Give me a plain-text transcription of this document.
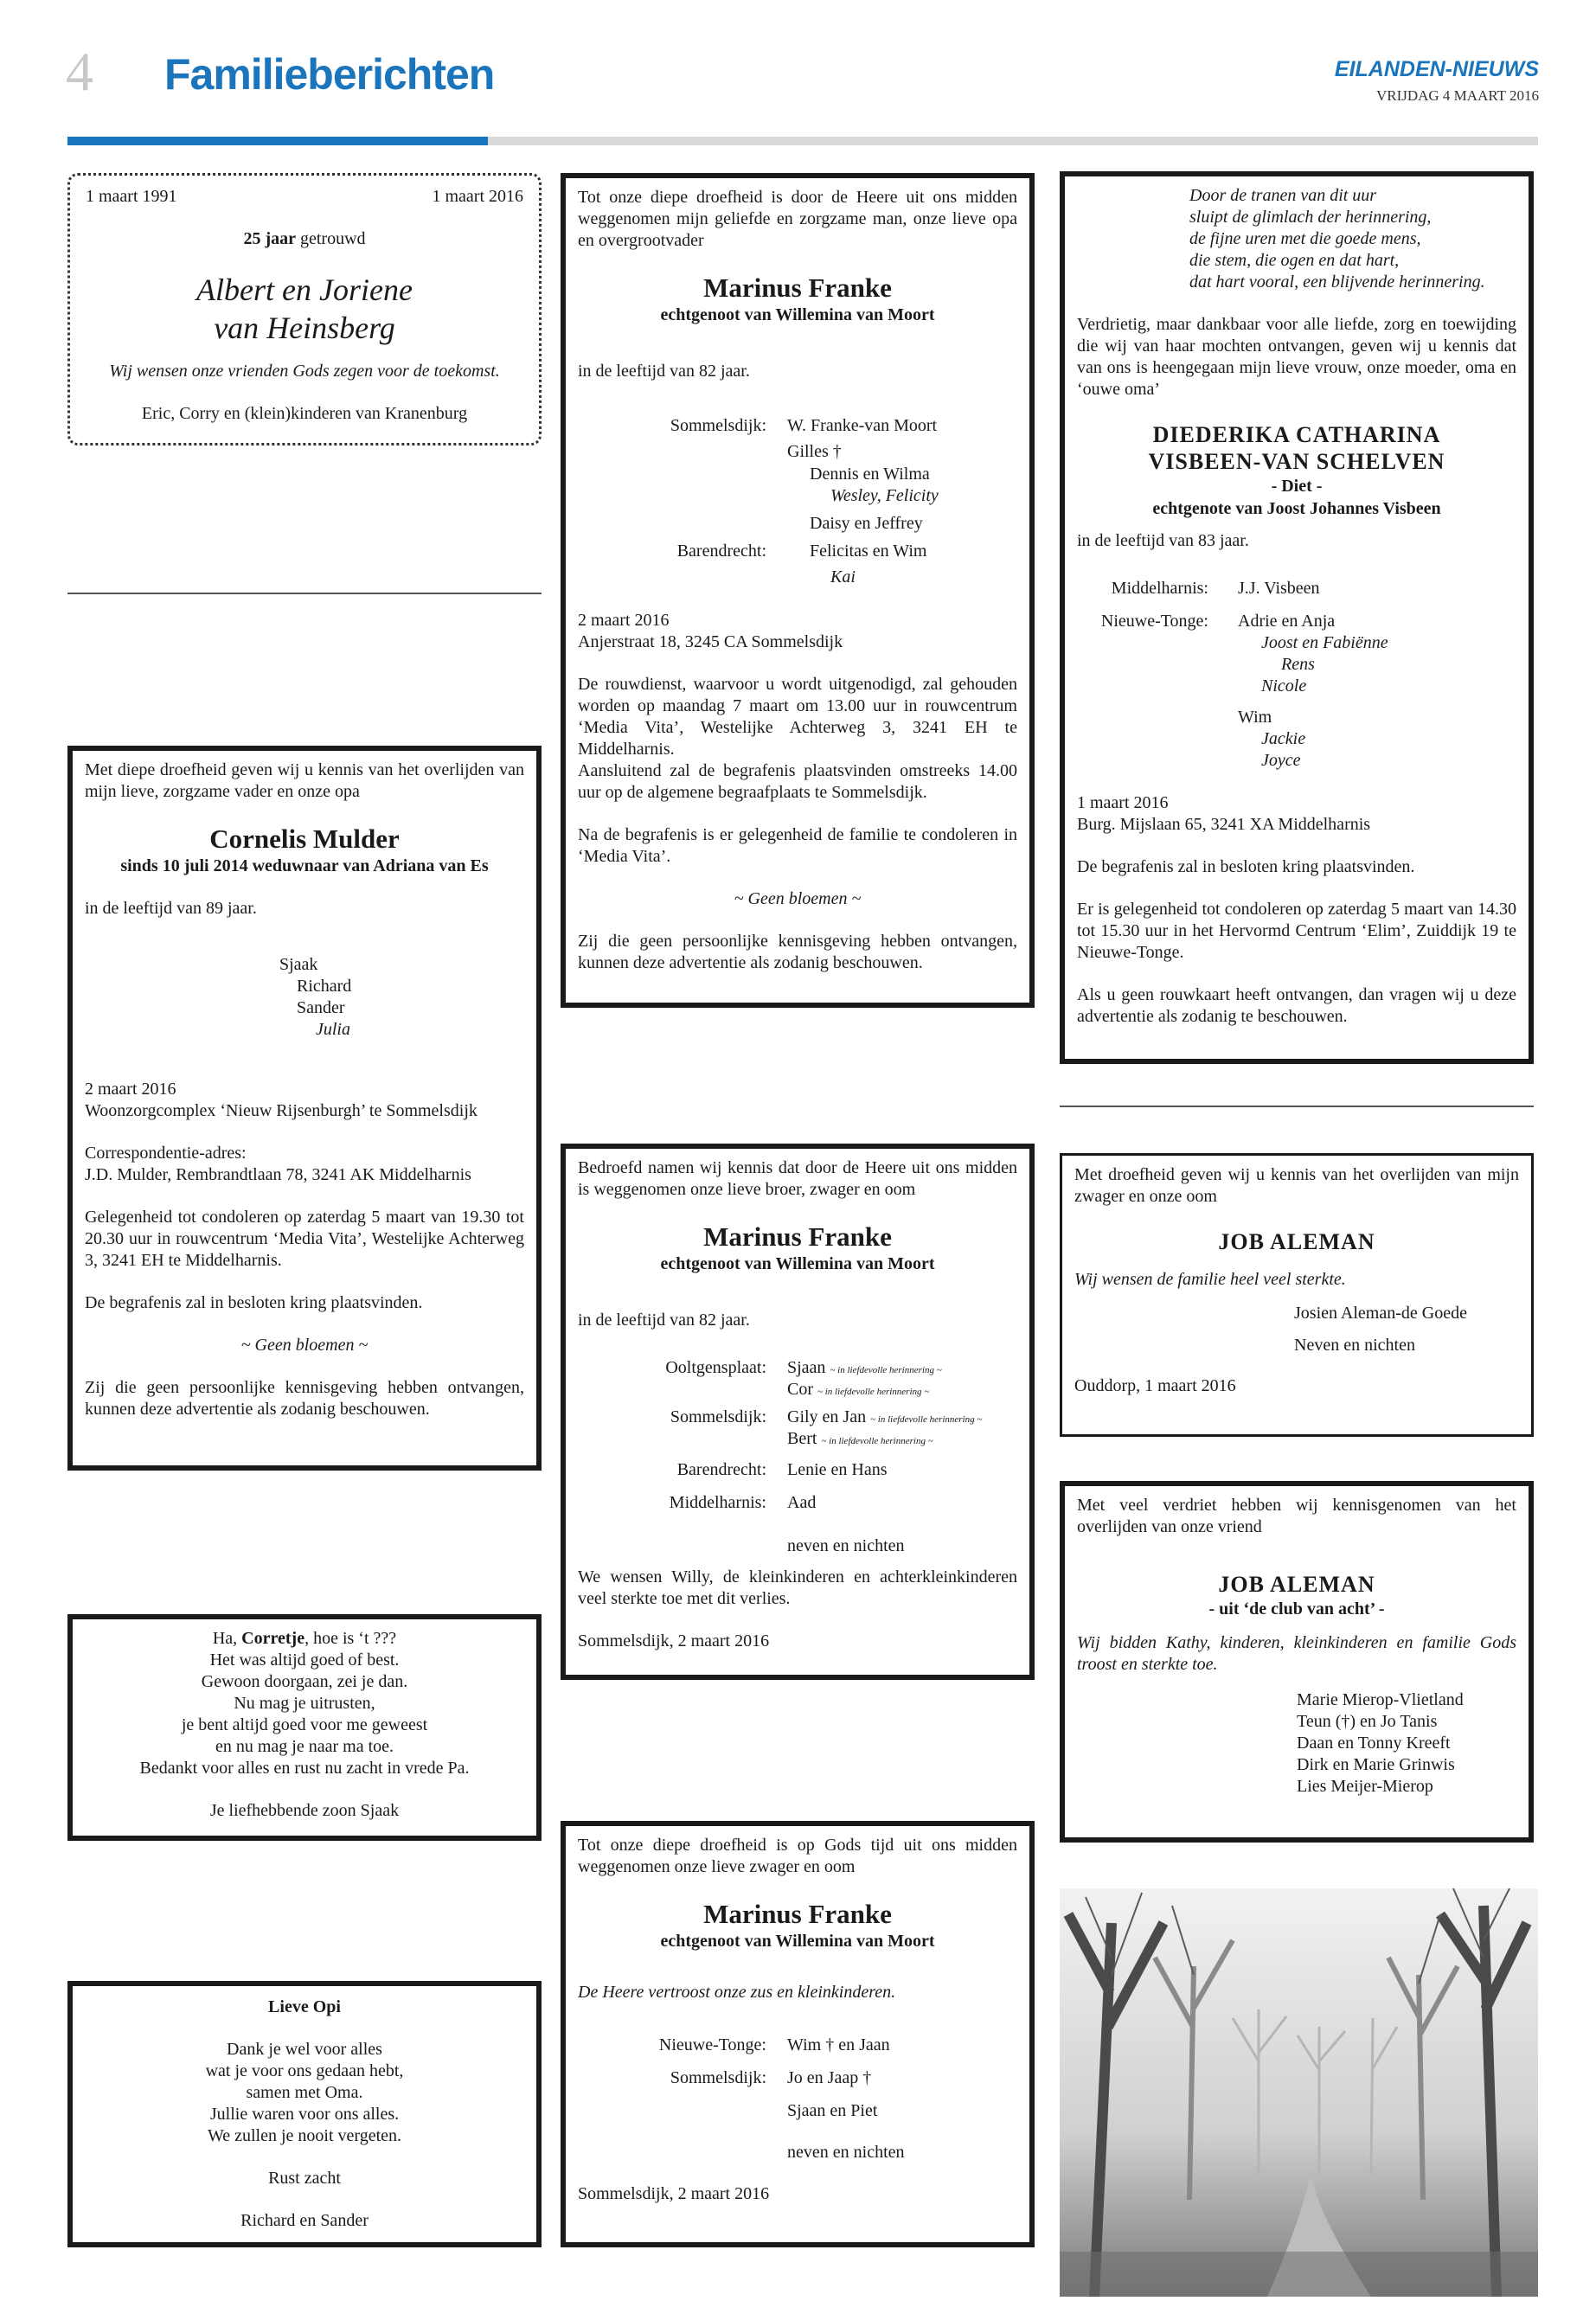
4 Familieberichten	EILANDEN-NIEUWS
VRIJDAG 4 MAART 2016
1 maart 1991	1 maart 2016

25 jaar getrouwd

Albert en Joriene

van Heinsberg

Wij wensen onze vrienden Gods zegen voor de toekomst.

Eric, Corry en (klein)kinderen van Kranenburg

Met diepe droefheid geven wij u kennis van het overlijden van mijn lieve, zorgzame vader en onze opa

Cornelis Mulder

sinds 10 juli 2014 weduwnaar van Adriana van Es

in de leeftijd van 89 jaar.

Sjaak

Richard

Sander

Julia

2 maart 2016

Woonzorgcomplex ‘Nieuw Rijsenburgh’ te Sommelsdijk

Correspondentie-adres:

J.D. Mulder, Rembrandtlaan 78, 3241 AK Middelharnis

Gelegenheid tot condoleren op zaterdag 5 maart van 19.30 tot 20.30 uur in rouwcentrum ‘Media Vita’, Westelijke Achterweg 3, 3241 EH te Middelharnis.

De begrafenis zal in besloten kring plaatsvinden.

~ Geen bloemen ~

Zij die geen persoonlijke kennisgeving hebben ontvangen, kunnen deze advertentie als zodanig beschouwen.

Ha, Corretje, hoe is ‘t ???

Het was altijd goed of best.

Gewoon doorgaan, zei je dan.

Nu mag je uitrusten,

je bent altijd goed voor me geweest

en nu mag je naar ma toe.

Bedankt voor alles en rust nu zacht in vrede Pa.

Je liefhebbende zoon Sjaak

Lieve Opi

Dank je wel voor alles

wat je voor ons gedaan hebt,

samen met Oma.

Jullie waren voor ons alles.

We zullen je nooit vergeten.

Rust zacht

Richard en Sander

Tot onze diepe droefheid is door de Heere uit ons midden weggenomen mijn geliefde en zorgzame man, onze lieve opa en overgrootvader

Marinus Franke

echtgenoot van Willemina van Moort

in de leeftijd van 82 jaar.

Sommelsdijk: W. Franke-van Moort
Gilles †
Dennis en Wilma
Wesley, Felicity
Daisy en Jeffrey
Barendrecht:	Felicitas en Wim
Kai

2 maart 2016

Anjerstraat 18, 3245 CA Sommelsdijk

De rouwdienst, waarvoor u wordt uitgenodigd, zal gehouden worden op maandag 7 maart om 13.00 uur in rouwcentrum ‘Media Vita’, Westelijke Achterweg 3, 3241 EH te Middelharnis.

Aansluitend zal de begrafenis plaatsvinden omstreeks 14.00 uur op de algemene begraafplaats te Sommelsdijk.

Na de begrafenis is er gelegenheid de familie te condoleren in ‘Media Vita’.

~ Geen bloemen ~

Zij die geen persoonlijke kennisgeving hebben ontvangen, kunnen deze advertentie als zodanig beschouwen.

Bedroefd namen wij kennis dat door de Heere uit ons midden is weggenomen onze lieve broer, zwager en oom

Marinus Franke

echtgenoot van Willemina van Moort

in de leeftijd van 82 jaar.

Ooltgensplaat: Sjaan ~ in liefdevolle herinnering ~
Cor ~ in liefdevolle herinnering ~
Sommelsdijk: Gily en Jan ~ in liefdevolle herinnering ~
Bert ~ in liefdevolle herinnering ~
Barendrecht: Lenie en Hans
Middelharnis: Aad
neven en nichten

We wensen Willy, de kleinkinderen en achterkleinkinderen veel sterkte toe met dit verlies.

Sommelsdijk, 2 maart 2016

Tot onze diepe droefheid is op Gods tijd uit ons midden weggenomen onze lieve zwager en oom

Marinus Franke

echtgenoot van Willemina van Moort

De Heere vertroost onze zus en kleinkinderen.

Nieuwe-Tonge: Wim † en Jaan
Sommelsdijk: Jo en Jaap †
Sjaan en Piet
neven en nichten

Sommelsdijk, 2 maart 2016

Door de tranen van dit uur

sluipt de glimlach der herinnering,

de fijne uren met die goede mens,

die stem, die ogen en dat hart,

dat hart vooral, een blijvende herinnering.

Verdrietig, maar dankbaar voor alle liefde, zorg en toewijding die wij van haar mochten ontvangen, geven wij u kennis dat van ons is heengegaan mijn lieve vrouw, onze moeder, oma en ‘ouwe oma’

DIEDERIKA CATHARINA

VISBEEN-VAN SCHELVEN

- Diet -

echtgenote van Joost Johannes Visbeen

in de leeftijd van 83 jaar.

Middelharnis: J.J. Visbeen
Nieuwe-Tonge: Adrie en Anja
Joost en Fabiënne
Rens
Nicole
Wim
Jackie
Joyce

1 maart 2016

Burg. Mijslaan 65, 3241 XA Middelharnis

De begrafenis zal in besloten kring plaatsvinden.

Er is gelegenheid tot condoleren op zaterdag 5 maart van 14.30 tot 15.30 uur in het Hervormd Centrum ‘Elim’, Zuiddijk 19 te Nieuwe-Tonge.

Als u geen rouwkaart heeft ontvangen, dan vragen wij u deze advertentie als zodanig te beschouwen.

Met droefheid geven wij u kennis van het overlijden van mijn zwager en onze oom

JOB ALEMAN

Wij wensen de familie heel veel sterkte.

Josien Aleman-de Goede

Neven en nichten

Ouddorp, 1 maart 2016

Met veel verdriet hebben wij kennisgenomen van het overlijden van onze vriend

JOB ALEMAN

- uit ‘de club van acht’ -

Wij bidden Kathy, kinderen, kleinkinderen en familie Gods troost en sterkte toe.

Marie Mierop-Vlietland

Teun (†) en Jo Tanis

Daan en Tonny Kreeft

Dirk en Marie Grinwis

Lies Meijer-Mierop
